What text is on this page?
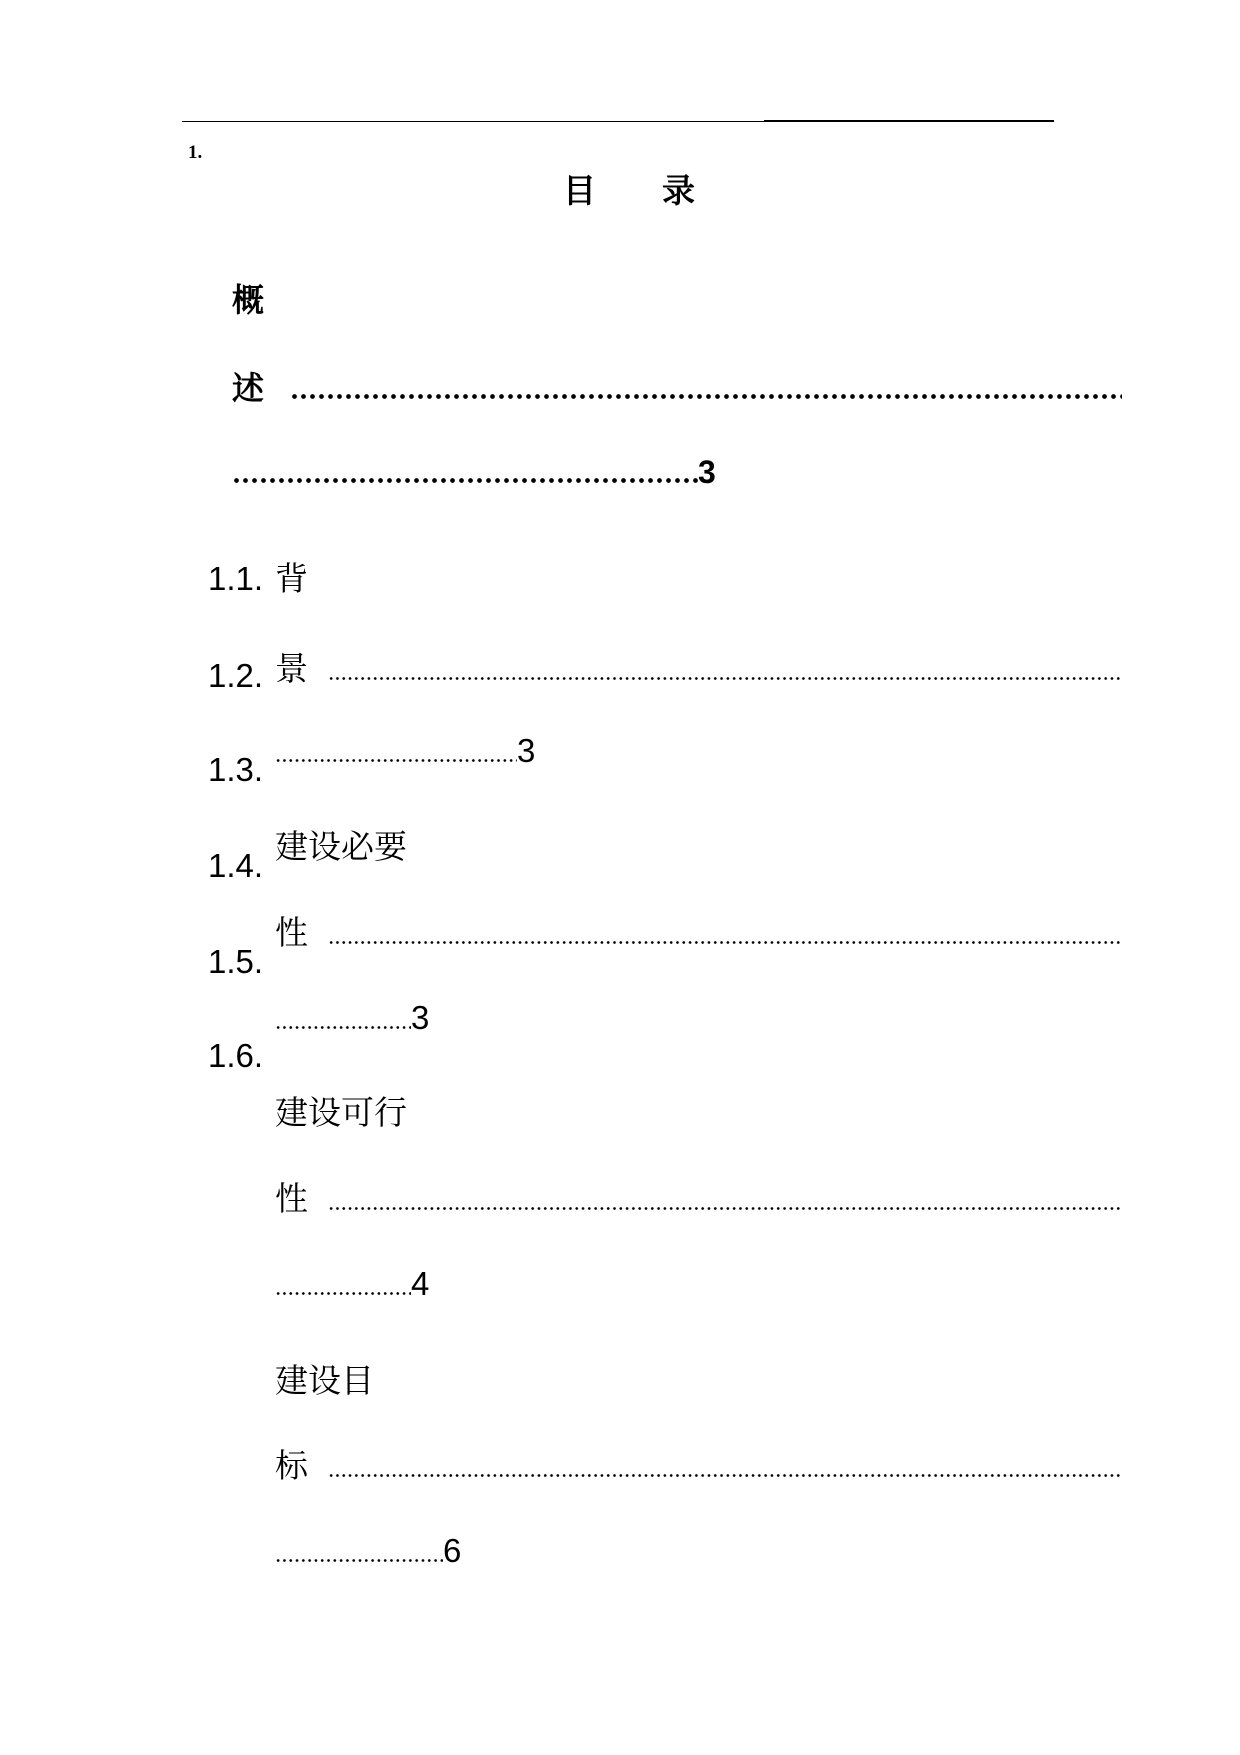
1.
目　　录
概
述
3
1.1.
1.2.
1.3.
1.4.
1.5.
1.6.
背
景
3
建设必要
性
3
建设可行
性
4
建设目
标
6
